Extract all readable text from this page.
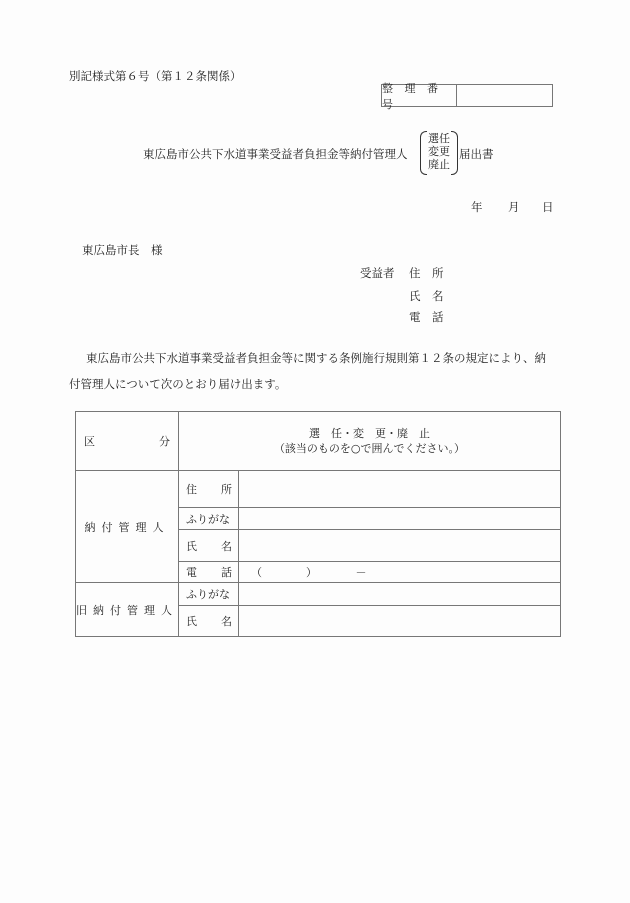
別記様式第６号（第１２条関係）
整 理 番 号
東広島市公共下水道事業受益者負担金等納付管理人
選任
変更
廃止
届出書
年 月 日
東広島市長　様
受益者 住　所
氏　名
電　話
東広島市公共下水道事業受益者負担金等に関する条例施行規則第１２条の規定により、納
付管理人について次のとおり届け出ます。
区	分

選　任・変　更・廃　止
（該当のものを○で囲んでください。）

納付管理人	住 所	

	ふりがな	

	氏 名	

	電 話	（　　　　）　　　　－
旧納付管理人	ふりがな	

	氏 名	
